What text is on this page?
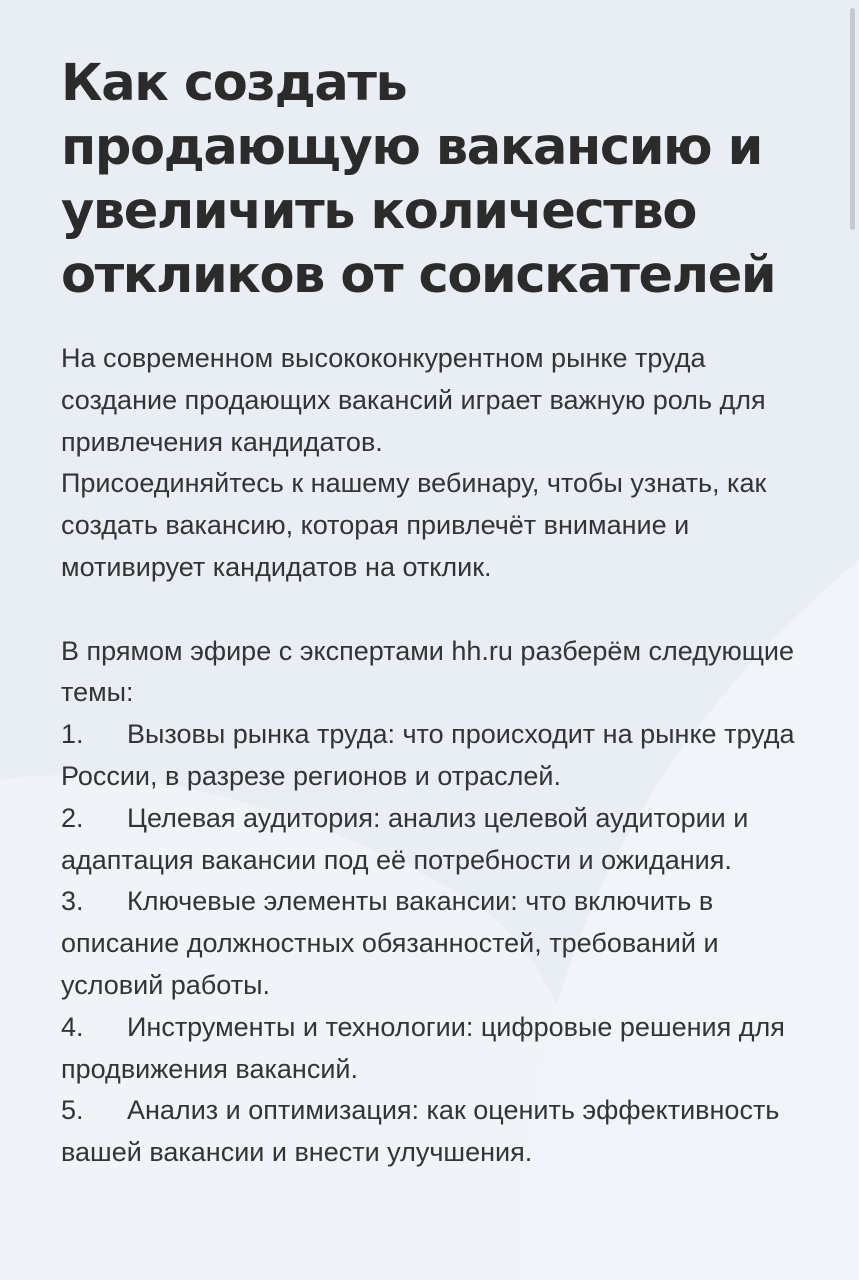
Как создать продающую вакансию и увеличить количество откликов от соискателей

На современном высококонкурентном рынке труда создание продающих вакансий играет важную роль для привлечения кандидатов.

Присоединяйтесь к нашему вебинару, чтобы узнать, как создать вакансию, которая привлечёт внимание и мотивирует кандидатов на отклик.

В прямом эфире с экспертами hh.ru разберём следующие темы:

1. Вызовы рынка труда: что происходит на рынке труда России, в разрезе регионов и отраслей.

2. Целевая аудитория: анализ целевой аудитории и адаптация вакансии под её потребности и ожидания.

3. Ключевые элементы вакансии: что включить в описание должностных обязанностей, требований и условий работы.

4. Инструменты и технологии: цифровые решения для продвижения вакансий.

5. Анализ и оптимизация: как оценить эффективность вашей вакансии и внести улучшения.
